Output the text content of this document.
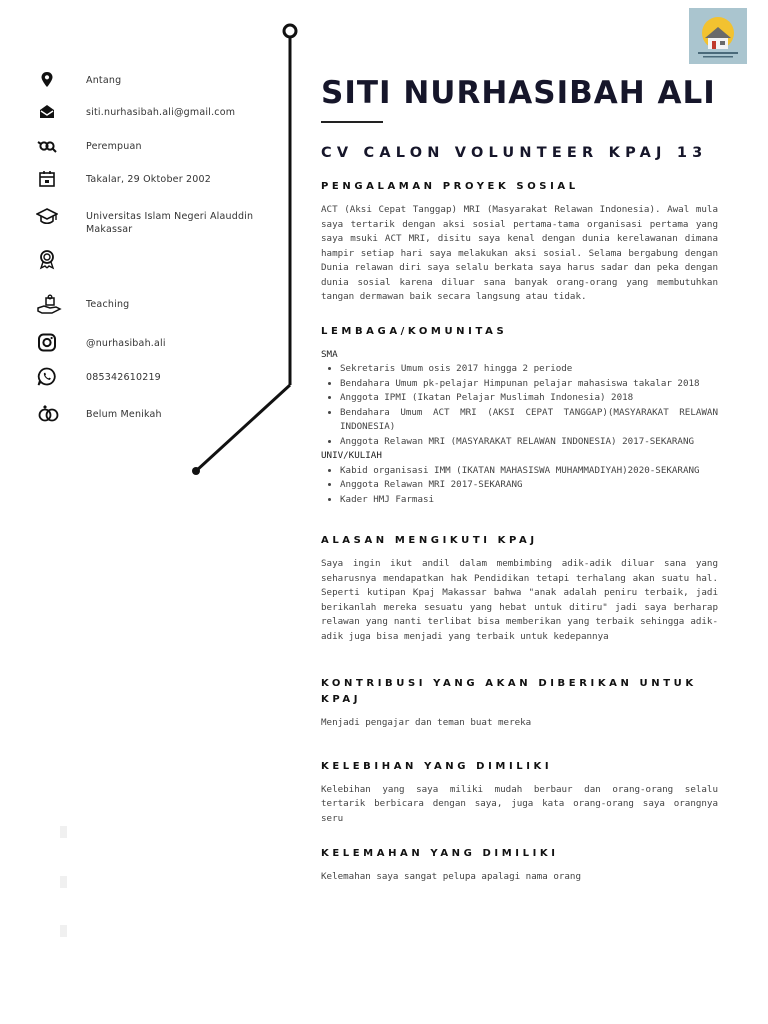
Antang
siti.nurhasibah.ali@gmail.com
Perempuan
Takalar, 29 Oktober 2002
Universitas Islam Negeri Alauddin Makassar
Teaching
@nurhasibah.ali
085342610219
Belum Menikah
SITI NURHASIBAH ALI
CV CALON VOLUNTEER KPAJ 13
PENGALAMAN PROYEK SOSIAL
ACT (Aksi Cepat Tanggap) MRI (Masyarakat Relawan Indonesia). Awal mula saya tertarik dengan aksi sosial pertama-tama organisasi pertama yang saya msuki ACT MRI, disitu saya kenal dengan dunia kerelawanan dimana hampir setiap hari saya melakukan aksi sosial. Selama bergabung dengan Dunia relawan diri saya selalu berkata saya harus sadar dan peka dengan dunia sosial karena diluar sana banyak orang-orang yang membutuhkan tangan dermawan baik secara langsung atau tidak.
LEMBAGA/KOMUNITAS
SMA
• Sekretaris Umum osis 2017 hingga 2 periode
• Bendahara Umum pk-pelajar Himpunan pelajar mahasiswa takalar 2018
• Anggota IPMI (Ikatan Pelajar Muslimah Indonesia) 2018
• Bendahara Umum ACT MRI (AKSI CEPAT TANGGAP)(MASYARAKAT RELAWAN INDONESIA)
• Anggota Relawan MRI (MASYARAKAT RELAWAN INDONESIA) 2017-SEKARANG
UNIV/KULIAH
• Kabid organisasi IMM (IKATAN MAHASISWA MUHAMMADIYAH)2020-SEKARANG
• Anggota Relawan MRI 2017-SEKARANG
• Kader HMJ Farmasi
ALASAN MENGIKUTI KPAJ
Saya ingin ikut andil dalam membimbing adik-adik diluar sana yang seharusnya mendapatkan hak Pendidikan tetapi terhalang akan suatu hal. Seperti kutipan Kpaj Makassar bahwa "anak adalah peniru terbaik, jadi berikanlah mereka sesuatu yang hebat untuk ditiru" jadi saya berharap relawan yang nanti terlibat bisa memberikan yang terbaik sehingga adik-adik juga bisa menjadi yang terbaik untuk kedepannya
KONTRIBUSI YANG AKAN DIBERIKAN UNTUK KPAJ
Menjadi pengajar dan teman buat mereka
KELEBIHAN YANG DIMILIKI
Kelebihan yang saya miliki mudah berbaur dan orang-orang selalu tertarik berbicara dengan saya, juga kata orang-orang saya orangnya seru
KELEMAHAN YANG DIMILIKI
Kelemahan saya sangat pelupa apalagi nama orang
